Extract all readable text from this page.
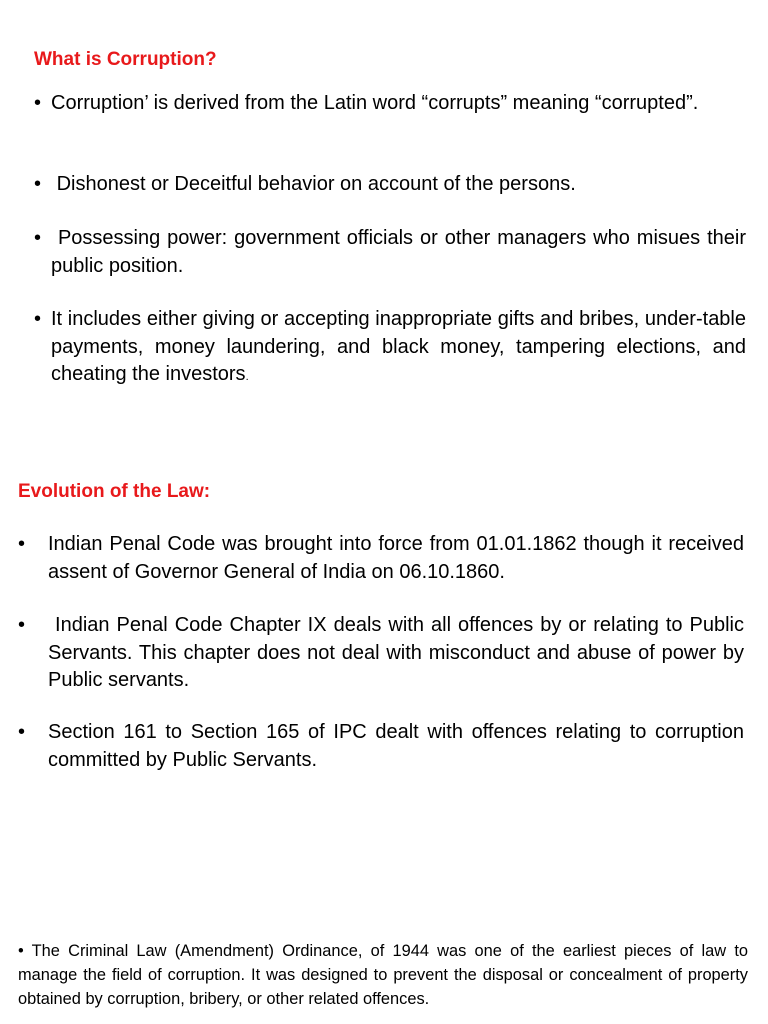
What is Corruption?

• Corruption’ is derived from the Latin word “corrupts” meaning “corrupted”.

• Dishonest or Deceitful behavior on account of the persons.

• Possessing power: government officials or other managers who misues their public position.

• It includes either giving or accepting inappropriate gifts and bribes, under-table payments, money laundering, and black money, tampering elections, and cheating the investors.

Evolution of the Law:

•	Indian Penal Code was brought into force from 01.01.1862 though it received assent of Governor General of India on 06.10.1860.

•	Indian Penal Code Chapter IX deals with all offences by or relating to Public Servants. This chapter does not deal with misconduct and abuse of power by Public servants.

•	Section 161 to Section 165 of IPC dealt with offences relating to corruption committed by Public Servants.

• The Criminal Law (Amendment) Ordinance, of 1944 was one of the earliest pieces of law to manage the field of corruption. It was designed to prevent the disposal or concealment of property obtained by corruption, bribery, or other related offences.
